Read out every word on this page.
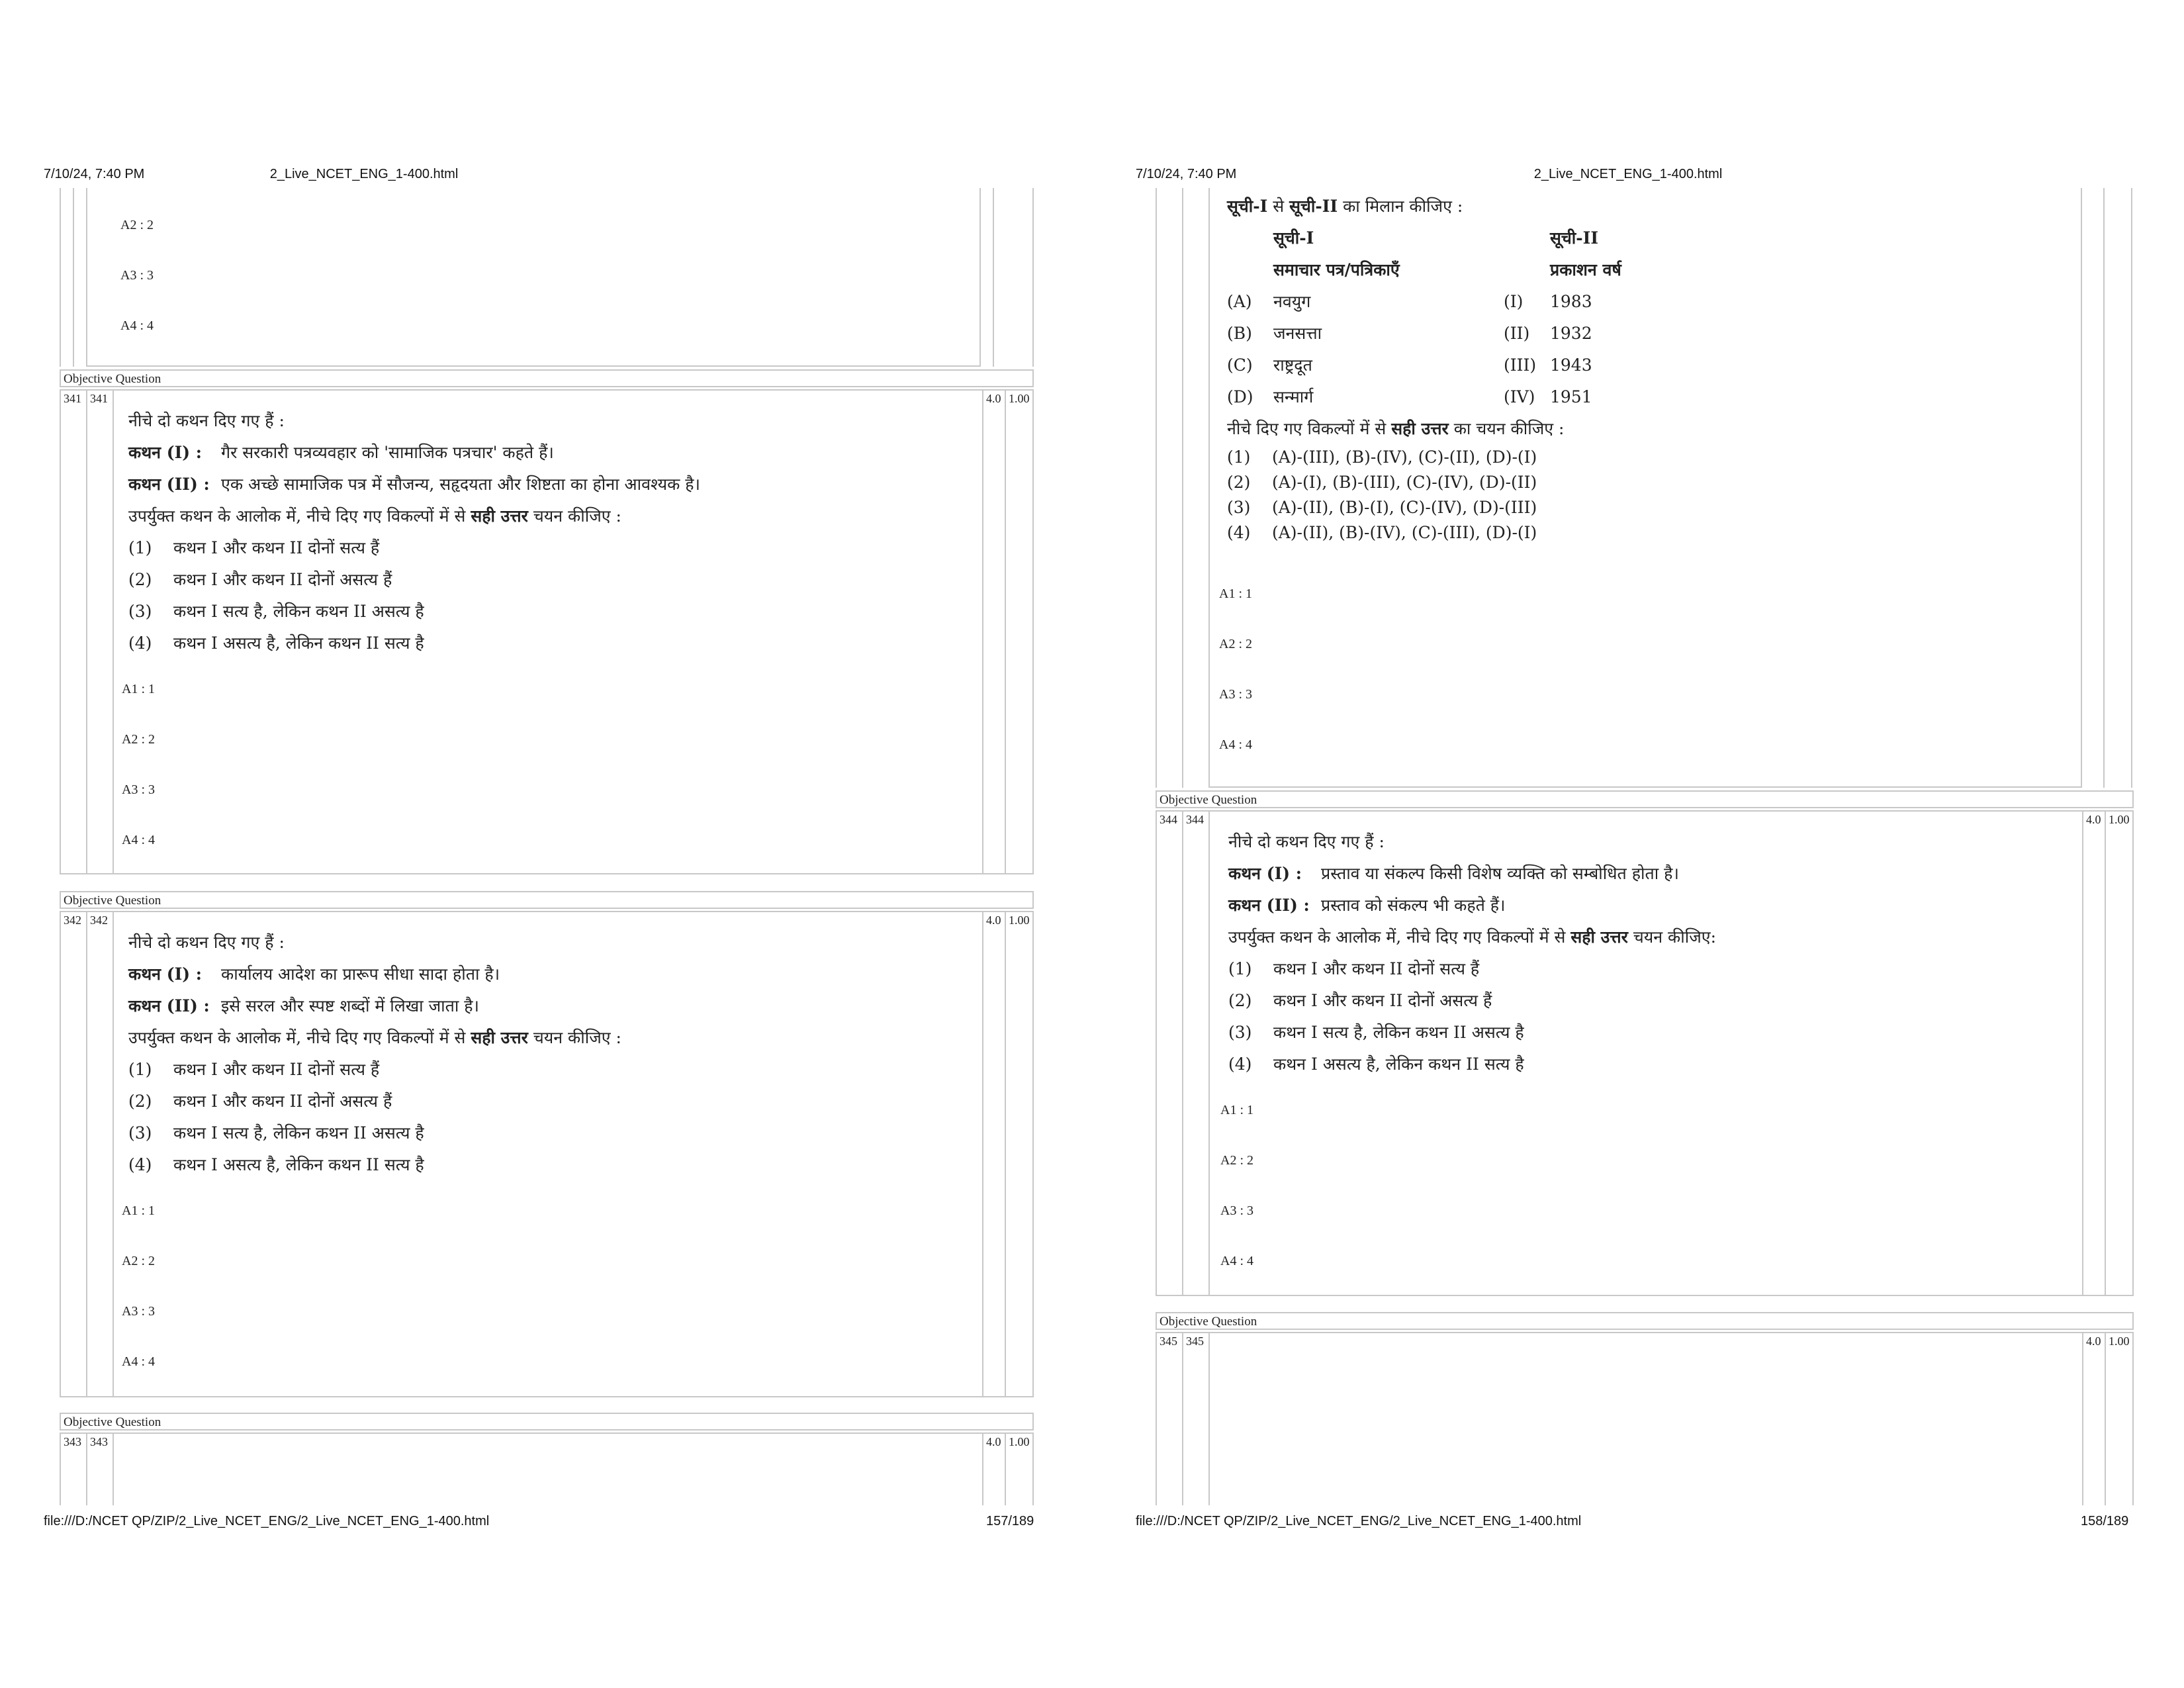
7/10/24, 7:40 PM	2_Live_NCET_ENG_1-400.html
A2 : 2
A3 : 3
A4 : 4
Objective Question
341 341	4.0 1.00
नीचे दो कथन दिए गए हैं :
कथन (I) : गैर सरकारी पत्रव्यवहार को 'सामाजिक पत्रचार' कहते हैं।
कथन (II) : एक अच्छे सामाजिक पत्र में सौजन्य, सहृदयता और शिष्टता का होना आवश्यक है।
उपर्युक्त कथन के आलोक में, नीचे दिए गए विकल्पों में से सही उत्तर चयन कीजिए :
(1)	कथन I और कथन II दोनों सत्य हैं
(2)	कथन I और कथन II दोनों असत्य हैं
(3)	कथन I सत्य है, लेकिन कथन II असत्य है
(4)	कथन I असत्य है, लेकिन कथन II सत्य है
A1 : 1
A2 : 2
A3 : 3
A4 : 4
Objective Question
342 342	4.0 1.00
नीचे दो कथन दिए गए हैं :
कथन (I) : कार्यालय आदेश का प्रारूप सीधा सादा होता है।
कथन (II) : इसे सरल और स्पष्ट शब्दों में लिखा जाता है।
उपर्युक्त कथन के आलोक में, नीचे दिए गए विकल्पों में से सही उत्तर चयन कीजिए :
(1)	कथन I और कथन II दोनों सत्य हैं
(2)	कथन I और कथन II दोनों असत्य हैं
(3)	कथन I सत्य है, लेकिन कथन II असत्य है
(4)	कथन I असत्य है, लेकिन कथन II सत्य है
A1 : 1
A2 : 2
A3 : 3
A4 : 4
Objective Question
343 343	4.0 1.00
file:///D:/NCET QP/ZIP/2_Live_NCET_ENG/2_Live_NCET_ENG_1-400.html	157/189
7/10/24, 7:40 PM	2_Live_NCET_ENG_1-400.html
सूची-I से सूची-II का मिलान कीजिए :
सूची-I	सूची-II
समाचार पत्र/पत्रिकाएँ	प्रकाशन वर्ष
(A)	नवयुग	(I)	1983
(B)	जनसत्ता	(II)	1932
(C)	राष्ट्रदूत	(III) 1943
(D)	सन्मार्ग	(IV) 1951
नीचे दिए गए विकल्पों में से सही उत्तर का चयन कीजिए :
(1)	(A)-(III), (B)-(IV), (C)-(II), (D)-(I)
(2)	(A)-(I), (B)-(III), (C)-(IV), (D)-(II)
(3)	(A)-(II), (B)-(I), (C)-(IV), (D)-(III)
(4)	(A)-(II), (B)-(IV), (C)-(III), (D)-(I)
A1 : 1
A2 : 2
A3 : 3
A4 : 4
Objective Question
344 344	4.0 1.00
नीचे दो कथन दिए गए हैं :
कथन (I) : प्रस्ताव या संकल्प किसी विशेष व्यक्ति को सम्बोधित होता है।
कथन (II) : प्रस्ताव को संकल्प भी कहते हैं।
उपर्युक्त कथन के आलोक में, नीचे दिए गए विकल्पों में से सही उत्तर चयन कीजिए:
(1)	कथन I और कथन II दोनों सत्य हैं
(2)	कथन I और कथन II दोनों असत्य हैं
(3)	कथन I सत्य है, लेकिन कथन II असत्य है
(4)	कथन I असत्य है, लेकिन कथन II सत्य है
A1 : 1
A2 : 2
A3 : 3
A4 : 4
Objective Question
345 345	4.0 1.00
file:///D:/NCET QP/ZIP/2_Live_NCET_ENG/2_Live_NCET_ENG_1-400.html	158/189
